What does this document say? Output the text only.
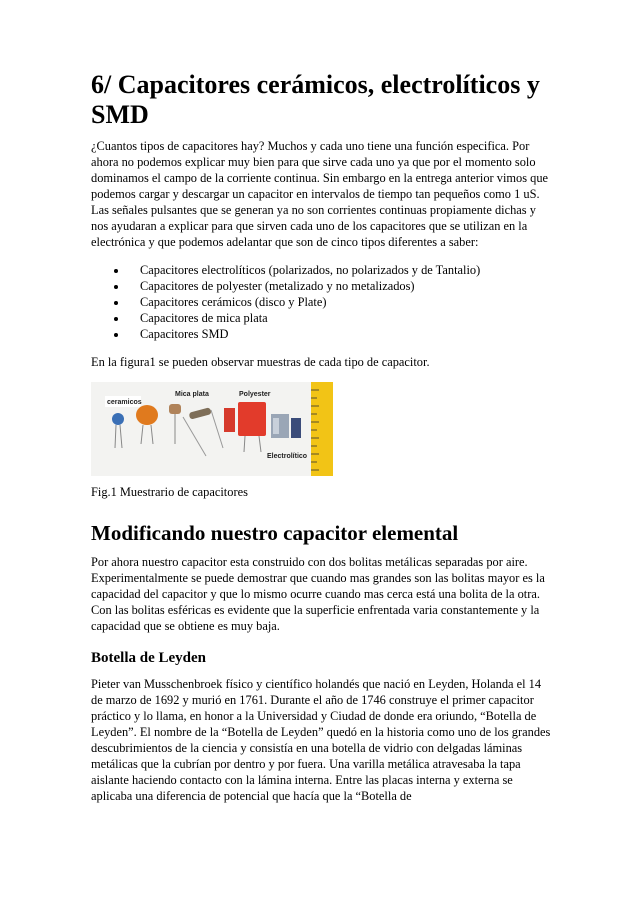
6/ Capacitores cerámicos, electrolíticos y SMD

¿Cuantos tipos de capacitores hay? Muchos y cada uno tiene una función especifica. Por ahora no podemos explicar muy bien para que sirve cada uno ya que por el momento solo dominamos el campo de la corriente continua. Sin embargo en la entrega anterior vimos que podemos cargar y descargar un capacitor en intervalos de tiempo tan pequeños como 1 uS. Las señales pulsantes que se generan ya no son corrientes continuas propiamente dichas y nos ayudaran a explicar para que sirven cada uno de los capacitores que se utilizan en la electrónica y que podemos adelantar que son de cinco tipos diferentes a saber:

• Capacitores electrolíticos (polarizados, no polarizados y de Tantalio)
• Capacitores de polyester (metalizado y no metalizados)
• Capacitores cerámicos (disco y Plate)
• Capacitores de mica plata
• Capacitores SMD

En la figura1 se pueden observar muestras de cada tipo de capacitor.

ceramicos
Mica plata	Polyester
Electrolítico

Fig.1 Muestrario de capacitores

Modificando nuestro capacitor elemental

Por ahora nuestro capacitor esta construido con dos bolitas metálicas separadas por aire. Experimentalmente se puede demostrar que cuando mas grandes son las bolitas mayor es la capacidad del capacitor y que lo mismo ocurre cuando mas cerca está una bolita de la otra. Con las bolitas esféricas es evidente que la superficie enfrentada varia constantemente y la capacidad que se obtiene es muy baja.

Botella de Leyden

Pieter van Musschenbroek físico y científico holandés que nació en Leyden, Holanda el 14 de marzo de 1692 y murió en 1761. Durante el año de 1746 construye el primer capacitor práctico y lo llama, en honor a la Universidad y Ciudad de donde era oriundo, “Botella de Leyden”. El nombre de la “Botella de Leyden” quedó en la historia como uno de los grandes descubrimientos de la ciencia y consistía en una botella de vidrio con delgadas láminas metálicas que la cubrían por dentro y por fuera. Una varilla metálica atravesaba la tapa aislante haciendo contacto con la lámina interna. Entre las placas interna y externa se aplicaba una diferencia de potencial que hacía que la “Botella de
